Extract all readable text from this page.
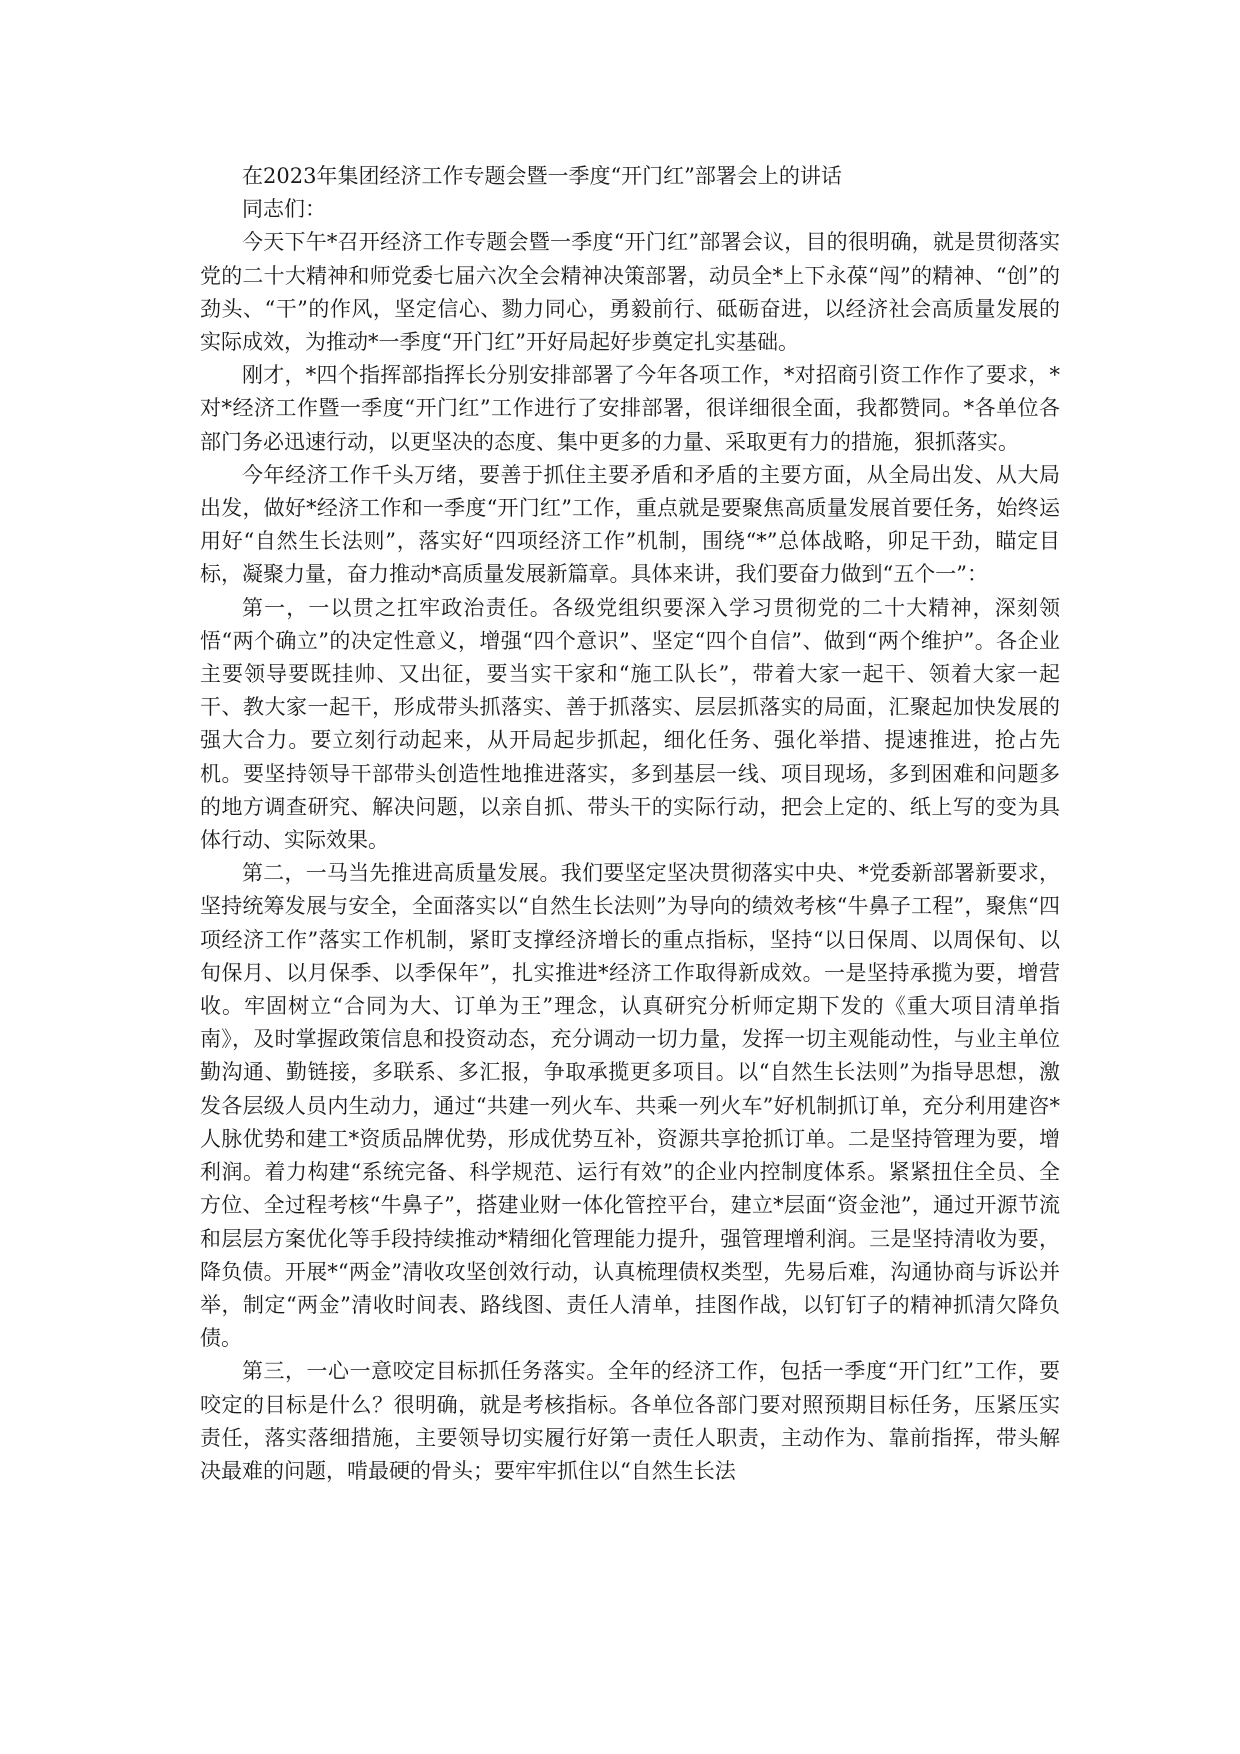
在2023年集团经济工作专题会暨一季度“开门红”部署会上的讲话

同志们：

今天下午*召开经济工作专题会暨一季度“开门红”部署会议，目的很明确，就是贯彻落实党的二十大精神和师党委七届六次全会精神决策部署，动员全*上下永葆“闯”的精神、“创”的劲头、“干”的作风，坚定信心、勠力同心，勇毅前行、砥砺奋进，以经济社会高质量发展的实际成效，为推动*一季度“开门红”开好局起好步奠定扎实基础。

刚才，*四个指挥部指挥长分别安排部署了今年各项工作，*对招商引资工作作了要求，*对*经济工作暨一季度“开门红”工作进行了安排部署，很详细很全面，我都赞同。*各单位各部门务必迅速行动，以更坚决的态度、集中更多的力量、采取更有力的措施，狠抓落实。

今年经济工作千头万绪，要善于抓住主要矛盾和矛盾的主要方面，从全局出发、从大局出发，做好*经济工作和一季度“开门红”工作，重点就是要聚焦高质量发展首要任务，始终运用好“自然生长法则”，落实好“四项经济工作”机制，围绕“*”总体战略，卯足干劲，瞄定目标，凝聚力量，奋力推动*高质量发展新篇章。具体来讲，我们要奋力做到“五个一”：

第一，一以贯之扛牢政治责任。各级党组织要深入学习贯彻党的二十大精神，深刻领悟“两个确立”的决定性意义，增强“四个意识”、坚定“四个自信”、做到“两个维护”。各企业主要领导要既挂帅、又出征，要当实干家和“施工队长”，带着大家一起干、领着大家一起干、教大家一起干，形成带头抓落实、善于抓落实、层层抓落实的局面，汇聚起加快发展的强大合力。要立刻行动起来，从开局起步抓起，细化任务、强化举措、提速推进，抢占先机。要坚持领导干部带头创造性地推进落实，多到基层一线、项目现场，多到困难和问题多的地方调查研究、解决问题，以亲自抓、带头干的实际行动，把会上定的、纸上写的变为具体行动、实际效果。

第二，一马当先推进高质量发展。我们要坚定坚决贯彻落实中央、*党委新部署新要求，坚持统筹发展与安全，全面落实以“自然生长法则”为导向的绩效考核“牛鼻子工程”，聚焦“四项经济工作”落实工作机制，紧盯支撑经济增长的重点指标，坚持“以日保周、以周保旬、以旬保月、以月保季、以季保年”，扎实推进*经济工作取得新成效。一是坚持承揽为要，增营收。牢固树立“合同为大、订单为王”理念，认真研究分析师定期下发的《重大项目清单指南》，及时掌握政策信息和投资动态，充分调动一切力量，发挥一切主观能动性，与业主单位勤沟通、勤链接，多联系、多汇报，争取承揽更多项目。以“自然生长法则”为指导思想，激发各层级人员内生动力，通过“共建一列火车、共乘一列火车”好机制抓订单，充分利用建咨*人脉优势和建工*资质品牌优势，形成优势互补，资源共享抢抓订单。二是坚持管理为要，增利润。着力构建“系统完备、科学规范、运行有效”的企业内控制度体系。紧紧扭住全员、全方位、全过程考核“牛鼻子”，搭建业财一体化管控平台，建立*层面“资金池”，通过开源节流和层层方案优化等手段持续推动*精细化管理能力提升，强管理增利润。三是坚持清收为要，降负债。开展*“两金”清收攻坚创效行动，认真梳理债权类型，先易后难，沟通协商与诉讼并举，制定“两金”清收时间表、路线图、责任人清单，挂图作战，以钉钉子的精神抓清欠降负债。

第三，一心一意咬定目标抓任务落实。全年的经济工作，包括一季度“开门红”工作，要咬定的目标是什么？很明确，就是考核指标。各单位各部门要对照预期目标任务，压紧压实责任，落实落细措施，主要领导切实履行好第一责任人职责，主动作为、靠前指挥，带头解决最难的问题，啃最硬的骨头；要牢牢抓住以“自然生长法
